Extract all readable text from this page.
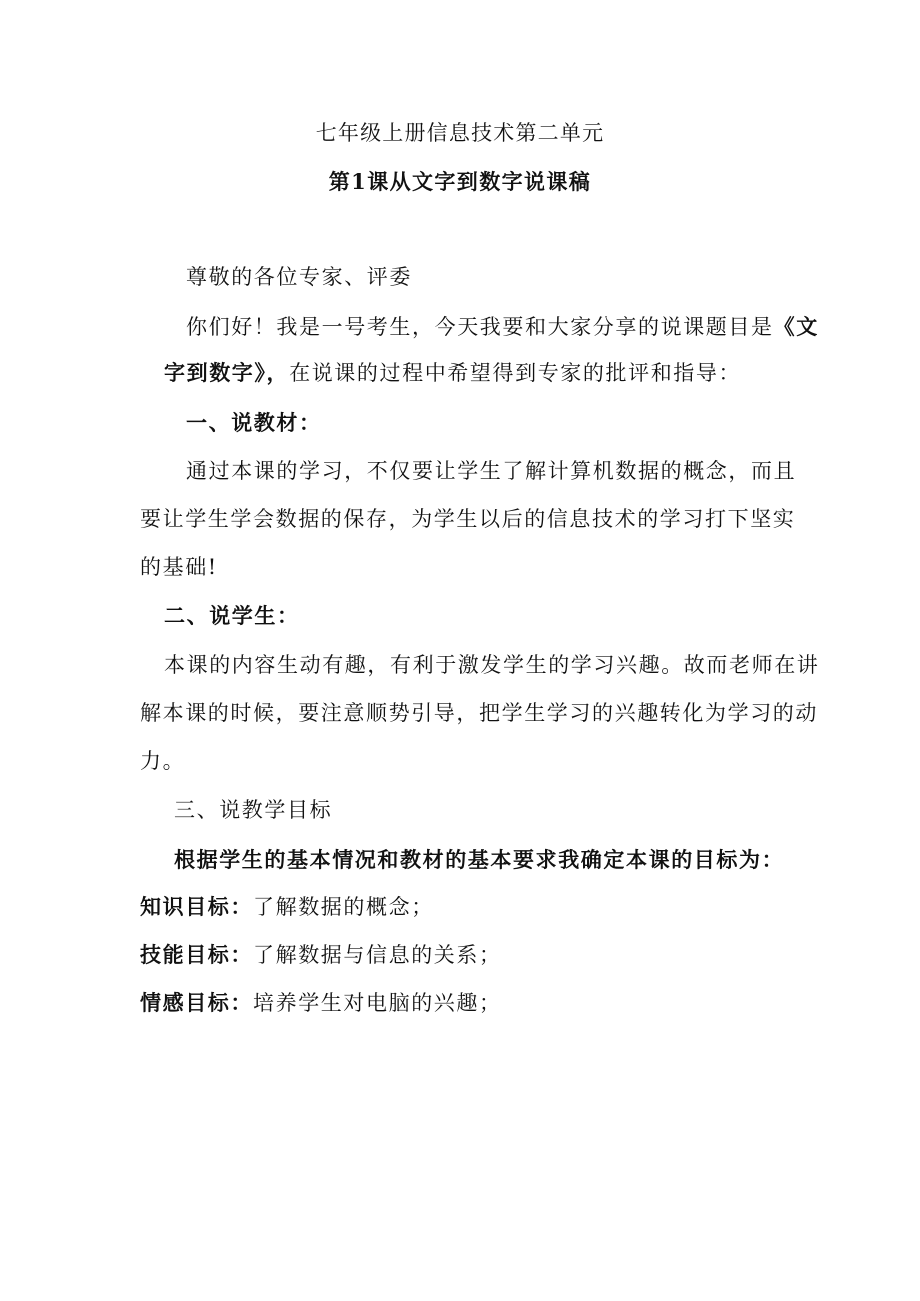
七年级上册信息技术第二单元
第1课从文字到数字说课稿
尊敬的各位专家、评委
你们好！我是一号考生，今天我要和大家分享的说课题目是《文
字到数字》，在说课的过程中希望得到专家的批评和指导：
一、说教材：
通过本课的学习，不仅要让学生了解计算机数据的概念，而且
要让学生学会数据的保存，为学生以后的信息技术的学习打下坚实
的基础!
二、说学生：
本课的内容生动有趣，有利于激发学生的学习兴趣。故而老师在讲
解本课的时候，要注意顺势引导，把学生学习的兴趣转化为学习的动
力。
三、说教学目标
根据学生的基本情况和教材的基本要求我确定本课的目标为：
知识目标：了解数据的概念；
技能目标：了解数据与信息的关系；
情感目标：培养学生对电脑的兴趣；
